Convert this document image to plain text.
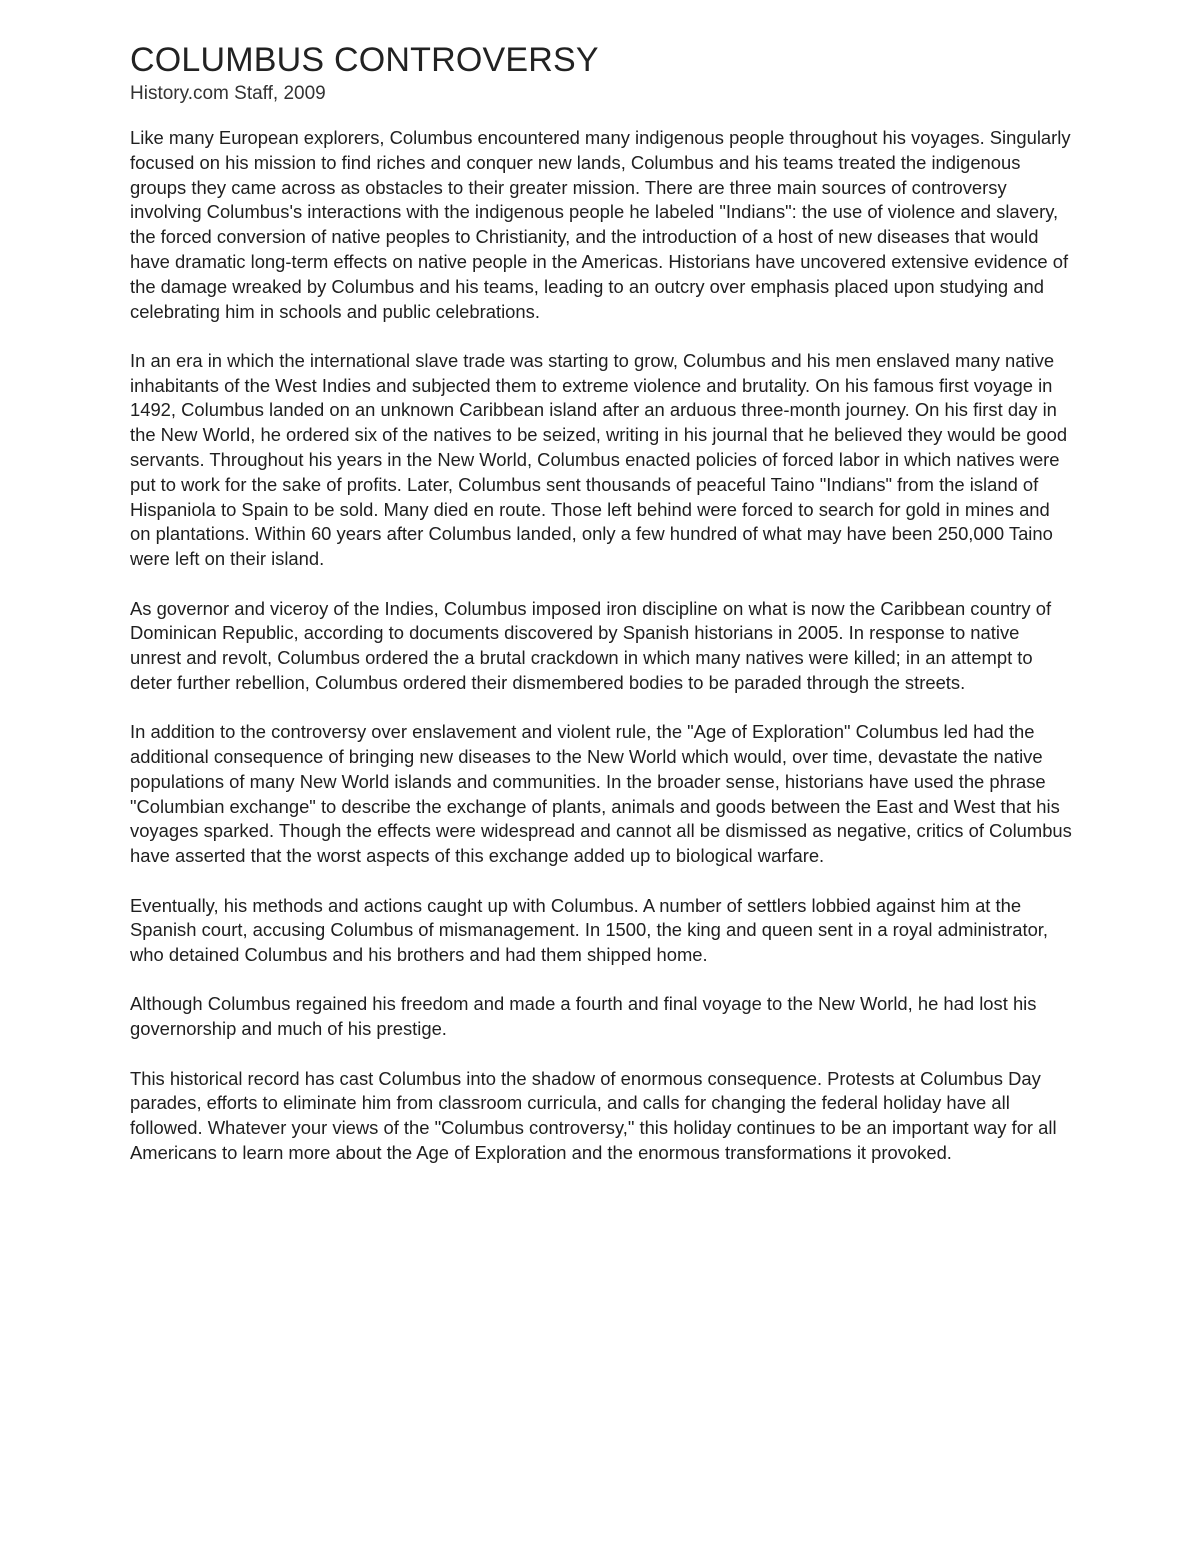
COLUMBUS CONTROVERSY
History.com Staff, 2009

Like many European explorers, Columbus encountered many indigenous people throughout his voyages. Singularly focused on his mission to find riches and conquer new lands, Columbus and his teams treated the indigenous groups they came across as obstacles to their greater mission. There are three main sources of controversy involving Columbus's interactions with the indigenous people he labeled "Indians": the use of violence and slavery, the forced conversion of native peoples to Christianity, and the introduction of a host of new diseases that would have dramatic long-term effects on native people in the Americas. Historians have uncovered extensive evidence of the damage wreaked by Columbus and his teams, leading to an outcry over emphasis placed upon studying and celebrating him in schools and public celebrations.

In an era in which the international slave trade was starting to grow, Columbus and his men enslaved many native inhabitants of the West Indies and subjected them to extreme violence and brutality. On his famous first voyage in 1492, Columbus landed on an unknown Caribbean island after an arduous three-month journey. On his first day in the New World, he ordered six of the natives to be seized, writing in his journal that he believed they would be good servants. Throughout his years in the New World, Columbus enacted policies of forced labor in which natives were put to work for the sake of profits. Later, Columbus sent thousands of peaceful Taino "Indians" from the island of Hispaniola to Spain to be sold. Many died en route. Those left behind were forced to search for gold in mines and on plantations. Within 60 years after Columbus landed, only a few hundred of what may have been 250,000 Taino were left on their island.

As governor and viceroy of the Indies, Columbus imposed iron discipline on what is now the Caribbean country of Dominican Republic, according to documents discovered by Spanish historians in 2005. In response to native unrest and revolt, Columbus ordered the a brutal crackdown in which many natives were killed; in an attempt to deter further rebellion, Columbus ordered their dismembered bodies to be paraded through the streets.

In addition to the controversy over enslavement and violent rule, the "Age of Exploration" Columbus led had the additional consequence of bringing new diseases to the New World which would, over time, devastate the native populations of many New World islands and communities. In the broader sense, historians have used the phrase "Columbian exchange" to describe the exchange of plants, animals and goods between the East and West that his voyages sparked. Though the effects were widespread and cannot all be dismissed as negative, critics of Columbus have asserted that the worst aspects of this exchange added up to biological warfare.

Eventually, his methods and actions caught up with Columbus. A number of settlers lobbied against him at the Spanish court, accusing Columbus of mismanagement. In 1500, the king and queen sent in a royal administrator, who detained Columbus and his brothers and had them shipped home.

Although Columbus regained his freedom and made a fourth and final voyage to the New World, he had lost his governorship and much of his prestige.

This historical record has cast Columbus into the shadow of enormous consequence. Protests at Columbus Day parades, efforts to eliminate him from classroom curricula, and calls for changing the federal holiday have all followed. Whatever your views of the "Columbus controversy," this holiday continues to be an important way for all Americans to learn more about the Age of Exploration and the enormous transformations it provoked.
